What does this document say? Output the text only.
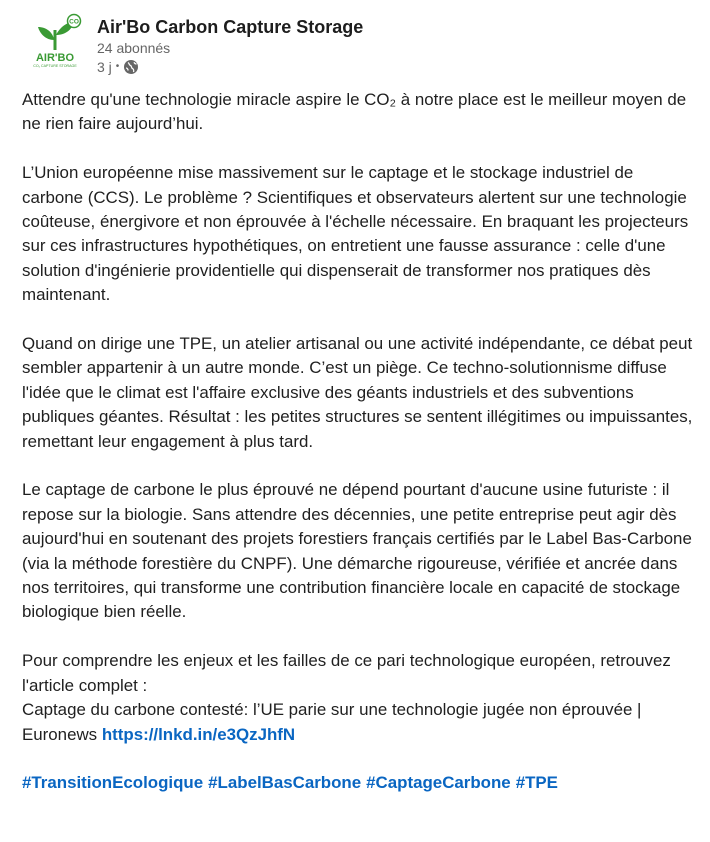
CO
AIR'BO
CO₂ CAPTURE STORAGE
Air'Bo Carbon Capture Storage
24 abonnés
3 j •

Attendre qu'une technologie miracle aspire le CO₂ à notre place est le meilleur moyen de ne rien faire aujourd’hui.

L’Union européenne mise massivement sur le captage et le stockage industriel de carbone (CCS). Le problème ? Scientifiques et observateurs alertent sur une technologie coûteuse, énergivore et non éprouvée à l'échelle nécessaire. En braquant les projecteurs sur ces infrastructures hypothétiques, on entretient une fausse assurance : celle d'une solution d'ingénierie providentielle qui dispenserait de transformer nos pratiques dès maintenant.

Quand on dirige une TPE, un atelier artisanal ou une activité indépendante, ce débat peut sembler appartenir à un autre monde. C’est un piège. Ce techno-solutionnisme diffuse l'idée que le climat est l'affaire exclusive des géants industriels et des subventions publiques géantes. Résultat : les petites structures se sentent illégitimes ou impuissantes, remettant leur engagement à plus tard.

Le captage de carbone le plus éprouvé ne dépend pourtant d'aucune usine futuriste : il repose sur la biologie. Sans attendre des décennies, une petite entreprise peut agir dès aujourd'hui en soutenant des projets forestiers français certifiés par le Label Bas-Carbone (via la méthode forestière du CNPF). Une démarche rigoureuse, vérifiée et ancrée dans nos territoires, qui transforme une contribution financière locale en capacité de stockage biologique bien réelle.

Pour comprendre les enjeux et les failles de ce pari technologique européen, retrouvez l'article complet :
Captage du carbone contesté: l’UE parie sur une technologie jugée non éprouvée | Euronews https://lnkd.in/e3QzJhfN

#TransitionEcologique #LabelBasCarbone #CaptageCarbone #TPE
